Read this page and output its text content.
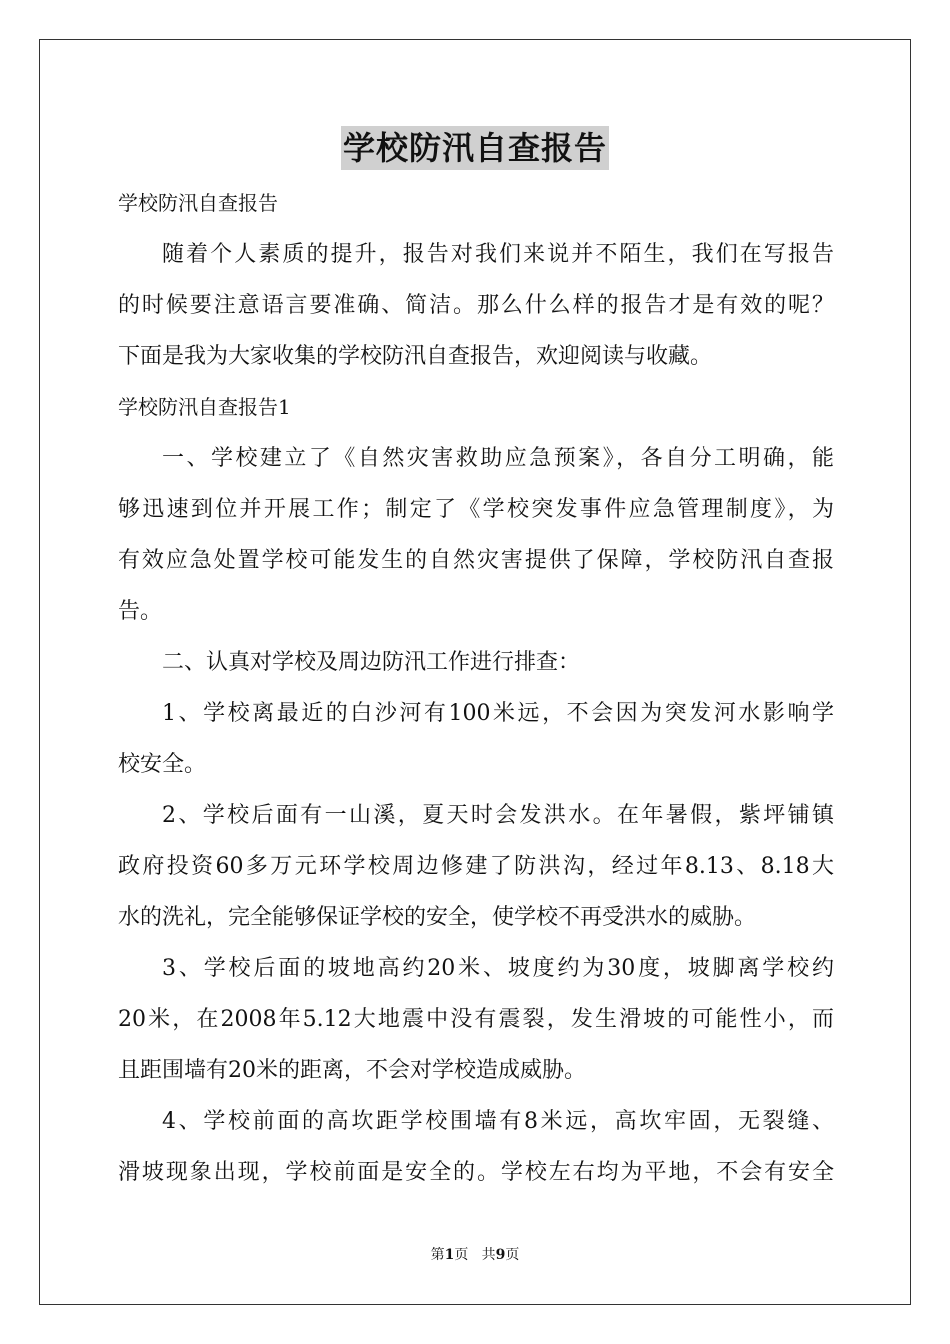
学校防汛自查报告
学校防汛自查报告
随着个人素质的提升，报告对我们来说并不陌生，我们在写报告
的时候要注意语言要准确、简洁。那么什么样的报告才是有效的呢？
下面是我为大家收集的学校防汛自查报告，欢迎阅读与收藏。
学校防汛自查报告1
一、学校建立了《自然灾害救助应急预案》，各自分工明确，能
够迅速到位并开展工作；制定了《学校突发事件应急管理制度》，为
有效应急处置学校可能发生的自然灾害提供了保障，学校防汛自查报
告。
二、认真对学校及周边防汛工作进行排查：
1、学校离最近的白沙河有100米远，不会因为突发河水影响学
校安全。
2、学校后面有一山溪，夏天时会发洪水。在年暑假，紫坪铺镇
政府投资60多万元环学校周边修建了防洪沟，经过年8.13、8.18大
水的洗礼，完全能够保证学校的安全，使学校不再受洪水的威胁。
3、学校后面的坡地高约20米、坡度约为30度，坡脚离学校约
20米，在2008年5.12大地震中没有震裂，发生滑坡的可能性小，而
且距围墙有20米的距离，不会对学校造成威胁。
4、学校前面的高坎距学校围墙有8米远，高坎牢固，无裂缝、
滑坡现象出现，学校前面是安全的。学校左右均为平地，不会有安全
第1页 共9页
